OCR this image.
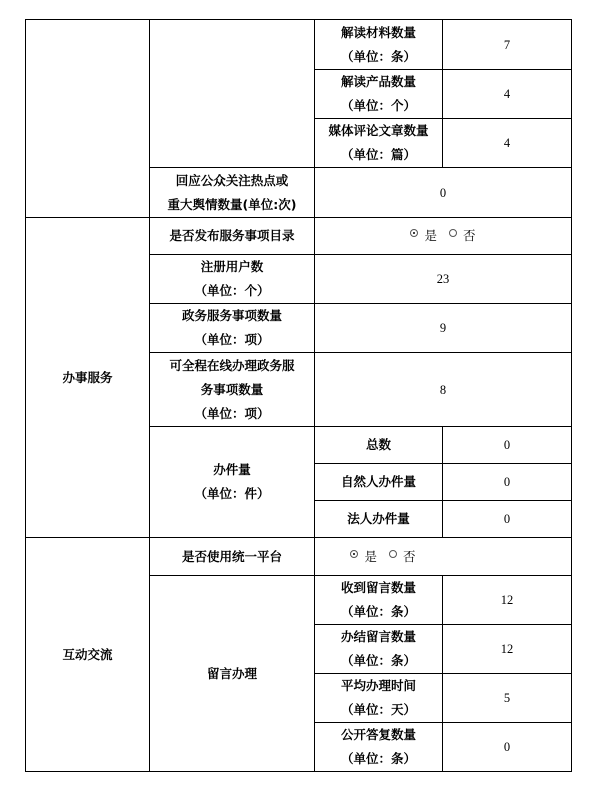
		解读材料数量
（单位：条）	7

		解读产品数量
（单位：个）	4

		媒体评论文章数量
（单位：篇）	4

	回应公众关注热点或
重大舆情数量(单位:次)	0	
办事服务	是否发布服务事项目录	是 否	

	注册用户数
（单位：个）	23	

	政务服务事项数量
（单位：项）	9	

	可全程在线办理政务服
务事项数量
（单位：项）	8	

	办件量
（单位：件）	总数	0
		自然人办件量	0
		法人办件量	0
互动交流	是否使用统一平台	是 否	

	留言办理	收到留言数量
（单位：条）	12

		办结留言数量
（单位：条）	12

		平均办理时间
（单位：天）	5

		公开答复数量
（单位：条）	0
